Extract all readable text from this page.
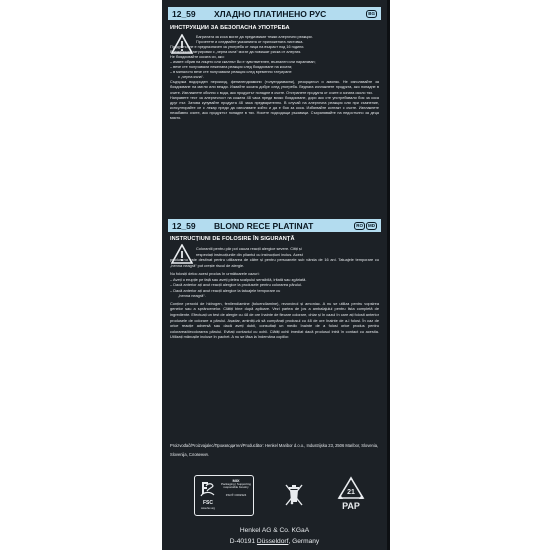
12_59	ХЛАДНО ПЛАТИНЕНО РУС	BG
ИНСТРУКЦИИ ЗА БЕЗОПАСНА УПОТРЕБА

Багрилата за коса могат да предизвикат тежки алергични реакции.

Прочетете и следвайте указанията от приложената листовка.

Продуктът не е предназначен за употреба от лица на възраст под 16 години.

Временните татуировки с „черна къна“ могат да повишат риска от алергия.

Не боядисвайте косата си, ако:

– имате обрив на лицето или скалпът Ви е чувствителен, възпален или нараняван;

– вече сте получавали нежелана реакция след боядисване на косата;

– в миналото вече сте получавали реакция след временно татуиране

с „черна къна“.

Съдържа водороден пероксид, фенилендиамини (толуендиамини), резорцинол и амоняк. Не използвайте за боядисване на мигли или вежди. Измийте косата добре след употреба. Веднага изплакнете продукта, ако попадне в очите. Изплакнете обилно с вода, ако продуктът попадне в очите. Отстранете продукта от очите и зоната около тях.

Направете тест за алергичност на кожата 48 часа преди всяко боядисване, дори ако сте употребявали боя за коса друг път. Затова купувайте продукта 48 часа предварително. В случай на алергична реакция или при съмнение, консултирайте се с лекар преди да използвате който и да е боя за коса. Избягвайте контакт с очите. Изплакнете незабавно очите, ако продуктът попадне в тях. Носете подходящи ръкавици. Съхранявайте на недостъпно за деца място.

12_59	BLOND RECE PLATINAT	RO	MD
INSTRUCȚIUNI DE FOLOSIRE ÎN SIGURANȚĂ

Colorantii pentru păr pot cauza reacții alergice severe. Citiți și

respectați instrucțiunile din pliantul cu instrucțiuni inclus. Acest

produs nu este destinat pentru utilizarea de către și pentru persoanele sub vârsta de 16 ani. Tatuajele temporare cu „henna neagră“ pot crește riscul de alergie.

Nu folosiți deloc acest produs în următoarele cazuri:

– Aveți o erupție pe față sau aveți pielea scalpului sensibilă, iritată sau zgâriată.

– Dacă anterior ați avut reacții alergice la produsele pentru colorarea părului.

– Dacă anterior ați avut reacții alergice la tatuajele temporare cu

„henna neagră“.

Conține peroxid de hidrogen, fenilendiamine (toluendiamine), rezorcinol și amoniac. A nu se utiliza pentru vopsirea genelor sau a sprâncenelor. Clătiți bine după aplicare. Vezi partea de jos a ambalajului pentru lista completă de ingrediente. Efectuați un test de alergie cu 48 de ore înainte de fiecare colorare, chiar și în cazul în care ați folosit anterior produsele de colorare a părului. Așadar, amintiți-vă să cumpărați produsul cu 48 de ore înainte de a-l folosi. În caz de orice reacție adversă sau dacă aveți dubii, consultați un medic înainte de a folosi orice produs pentru colorarea/decolorarea părului. Evitați contactul cu ochii. Clătiți ochii imediat dacă produsul intră în contact cu acestia. Utilizați mănușile incluse în pachet. A nu se lăsa la îndemâna copiilor.

Proizvođač/Proizvajalec/Производител/Producător: Henkel Maribor d.o.o., Industrijska 23, 2506 Maribor, Slovenia, Slovenija, Словения.
FSC
www.fsc.org
MIX
Packaging | Supporting
responsible forestry
FSC® C002324	21
PAP
Henkel AG & Co. KGaA
D-40191 Düsseldorf, Germany
